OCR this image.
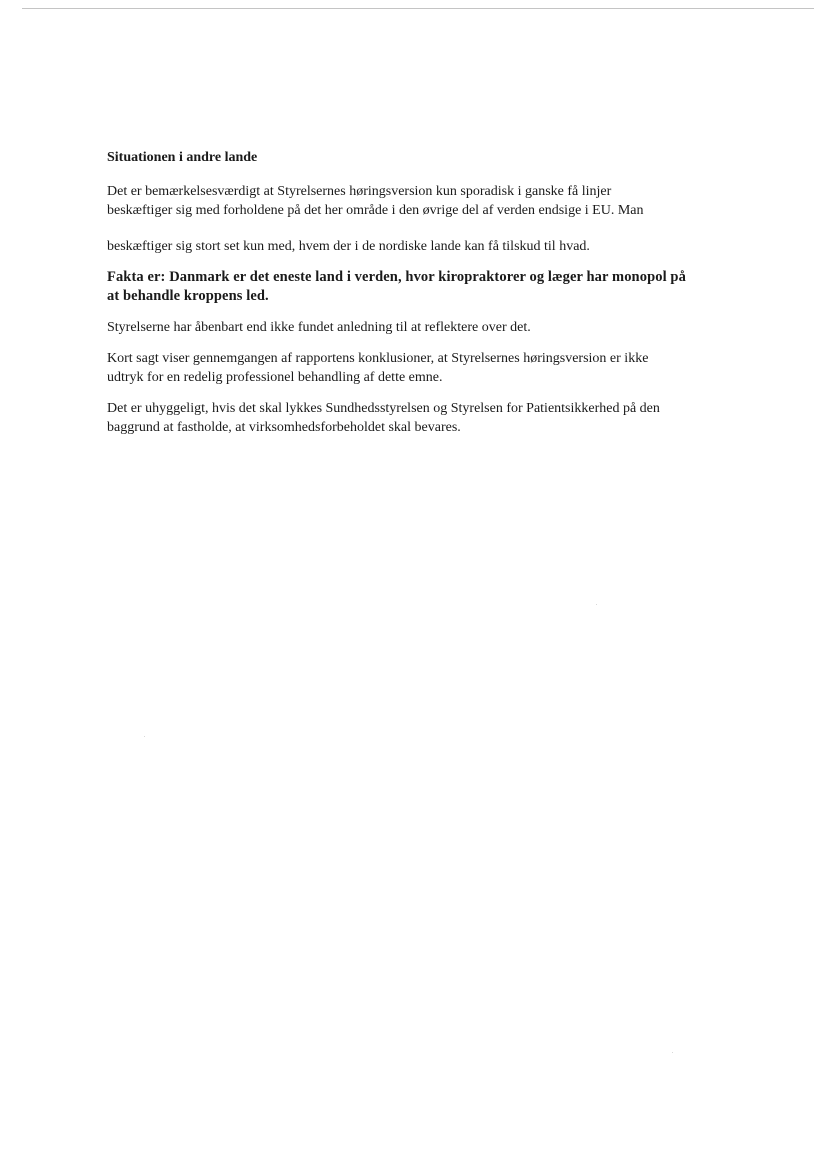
Situationen i andre lande

Det er bemærkelsesværdigt at Styrelsernes høringsversion kun sporadisk i ganske få linjer
beskæftiger sig med forholdene på det her område i den øvrige del af verden endsige i EU. Man

beskæftiger sig stort set kun med, hvem der i de nordiske lande kan få tilskud til hvad.

Fakta er: Danmark er det eneste land i verden, hvor kiropraktorer og læger har monopol på
at behandle kroppens led.

Styrelserne har åbenbart end ikke fundet anledning til at reflektere over det.

Kort sagt viser gennemgangen af rapportens konklusioner, at Styrelsernes høringsversion er ikke
udtryk for en redelig professionel behandling af dette emne.

Det er uhyggeligt, hvis det skal lykkes Sundhedsstyrelsen og Styrelsen for Patientsikkerhed på den
baggrund at fastholde, at virksomhedsforbeholdet skal bevares.
